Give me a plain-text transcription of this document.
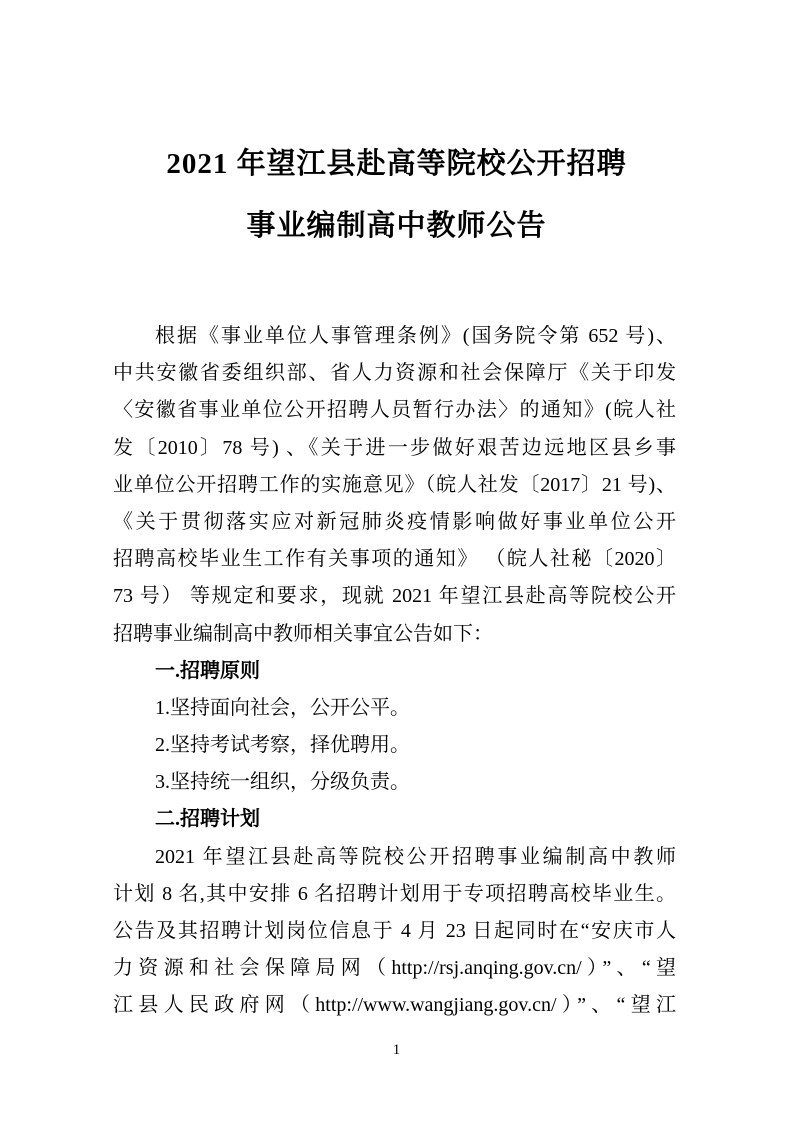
2021 年望江县赴高等院校公开招聘
事业编制高中教师公告
根据《事业单位人事管理条例》(国务院令第 652 号)、
中共安徽省委组织部、省人力资源和社会保障厅《关于印发
〈安徽省事业单位公开招聘人员暂行办法〉的通知》(皖人社
发〔2010〕78 号) 、《关于进一步做好艰苦边远地区县乡事
业单位公开招聘工作的实施意见》（皖人社发〔2017〕21 号)、
《关于贯彻落实应对新冠肺炎疫情影响做好事业单位公开
招聘高校毕业生工作有关事项的通知》 （皖人社秘〔2020〕
73 号） 等规定和要求，现就 2021 年望江县赴高等院校公开
招聘事业编制高中教师相关事宜公告如下：
一.招聘原则
1.坚持面向社会，公开公平。
2.坚持考试考察，择优聘用。
3.坚持统一组织，分级负责。
二.招聘计划
2021 年望江县赴高等院校公开招聘事业编制高中教师
计划 8 名,其中安排 6 名招聘计划用于专项招聘高校毕业生。
公告及其招聘计划岗位信息于 4 月 23 日起同时在“安庆市人
力资源和社会保障局网（http://rsj.anqing.gov.cn/）”、“望
江县人民政府网（http://www.wangjiang.gov.cn/）”、“望江
1
